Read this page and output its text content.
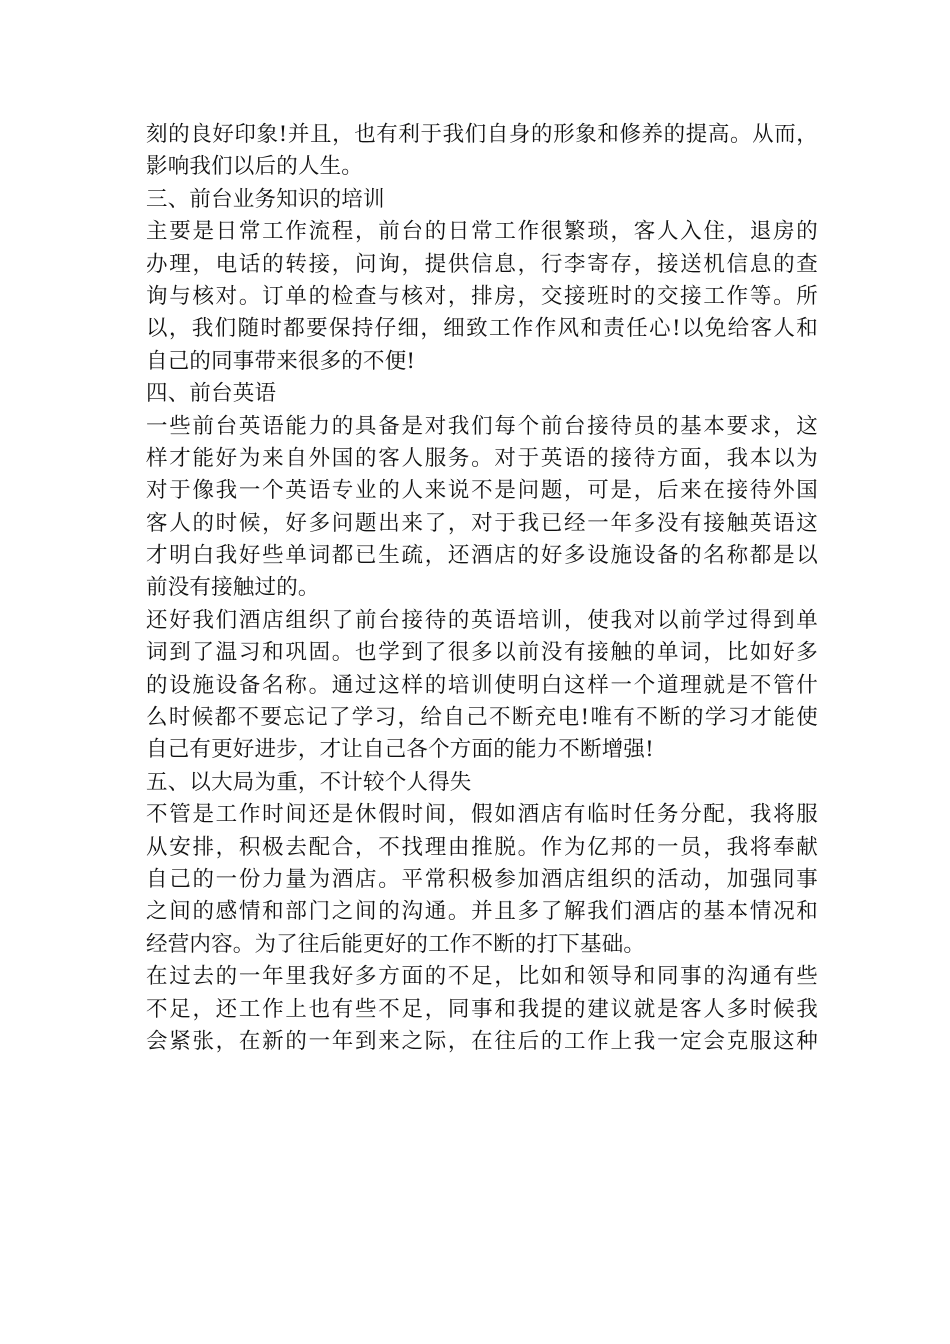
刻的良好印象!并且，也有利于我们自身的形象和修养的提高。从而，
影响我们以后的人生。
三、前台业务知识的培训
主要是日常工作流程，前台的日常工作很繁琐，客人入住，退房的
办理，电话的转接，问询，提供信息，行李寄存，接送机信息的查
询与核对。订单的检查与核对，排房，交接班时的交接工作等。所
以，我们随时都要保持仔细，细致工作作风和责任心!以免给客人和
自己的同事带来很多的不便!
四、前台英语
一些前台英语能力的具备是对我们每个前台接待员的基本要求，这
样才能好为来自外国的客人服务。对于英语的接待方面，我本以为
对于像我一个英语专业的人来说不是问题，可是，后来在接待外国
客人的时候，好多问题出来了，对于我已经一年多没有接触英语这
才明白我好些单词都已生疏，还酒店的好多设施设备的名称都是以
前没有接触过的。
还好我们酒店组织了前台接待的英语培训，使我对以前学过得到单
词到了温习和巩固。也学到了很多以前没有接触的单词，比如好多
的设施设备名称。通过这样的培训使明白这样一个道理就是不管什
么时候都不要忘记了学习，给自己不断充电!唯有不断的学习才能使
自己有更好进步，才让自己各个方面的能力不断增强!
五、以大局为重，不计较个人得失
不管是工作时间还是休假时间，假如酒店有临时任务分配，我将服
从安排，积极去配合，不找理由推脱。作为亿邦的一员，我将奉献
自己的一份力量为酒店。平常积极参加酒店组织的活动，加强同事
之间的感情和部门之间的沟通。并且多了解我们酒店的基本情况和
经营内容。为了往后能更好的工作不断的打下基础。
在过去的一年里我好多方面的不足，比如和领导和同事的沟通有些
不足，还工作上也有些不足，同事和我提的建议就是客人多时候我
会紧张，在新的一年到来之际，在往后的工作上我一定会克服这种
